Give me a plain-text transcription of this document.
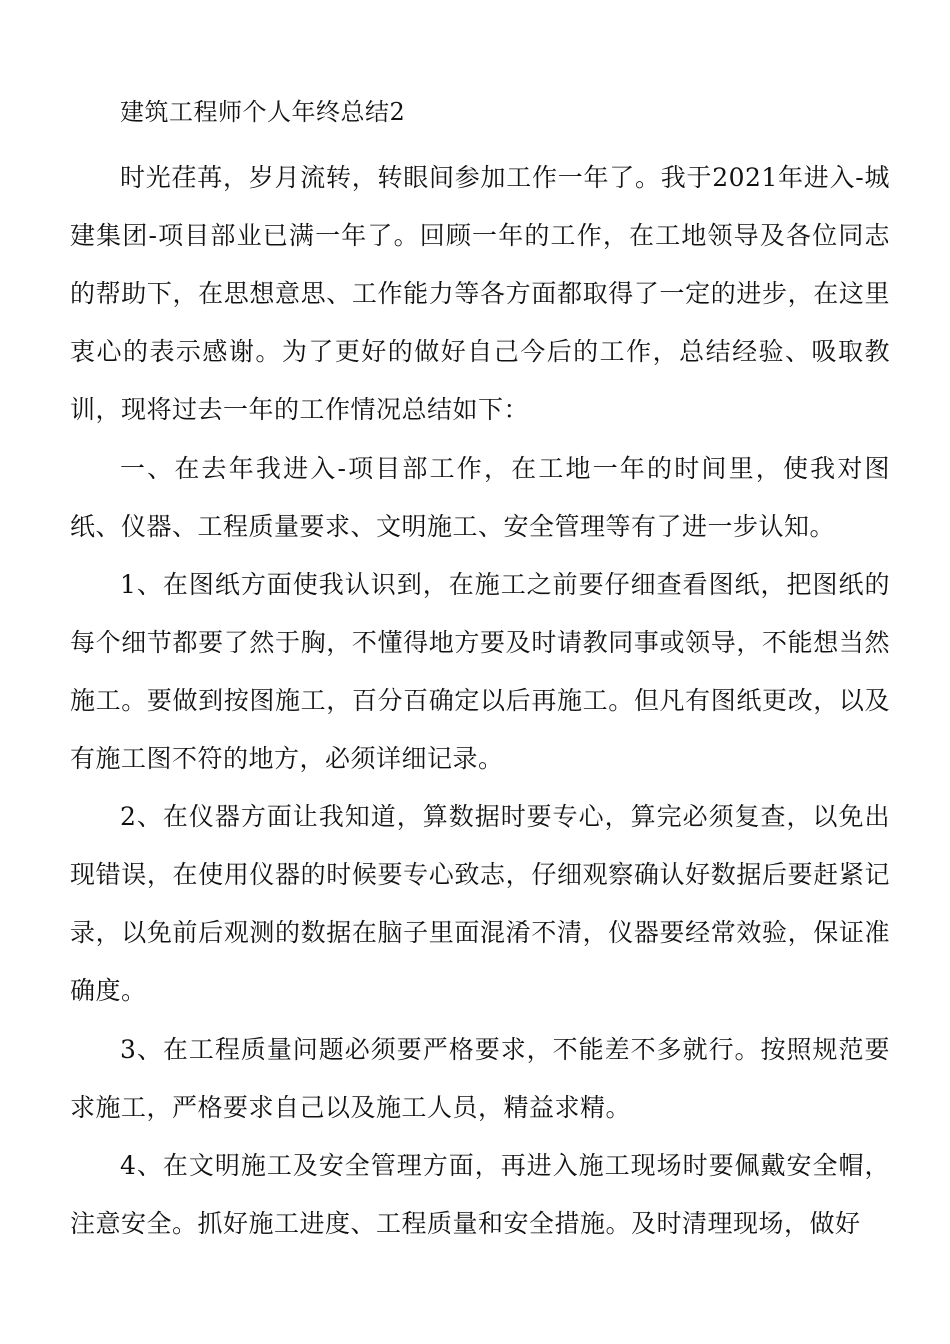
建筑工程师个人年终总结2

时光荏苒，岁月流转，转眼间参加工作一年了。我于2021年进入-城建集团-项目部业已满一年了。回顾一年的工作，在工地领导及各位同志的帮助下，在思想意思、工作能力等各方面都取得了一定的进步，在这里衷心的表示感谢。为了更好的做好自己今后的工作，总结经验、吸取教训，现将过去一年的工作情况总结如下：

一、在去年我进入-项目部工作，在工地一年的时间里，使我对图纸、仪器、工程质量要求、文明施工、安全管理等有了进一步认知。

1、在图纸方面使我认识到，在施工之前要仔细查看图纸，把图纸的每个细节都要了然于胸，不懂得地方要及时请教同事或领导，不能想当然施工。要做到按图施工，百分百确定以后再施工。但凡有图纸更改，以及有施工图不符的地方，必须详细记录。

2、在仪器方面让我知道，算数据时要专心，算完必须复查，以免出现错误，在使用仪器的时候要专心致志，仔细观察确认好数据后要赶紧记录，以免前后观测的数据在脑子里面混淆不清，仪器要经常效验，保证准确度。

3、在工程质量问题必须要严格要求，不能差不多就行。按照规范要求施工，严格要求自己以及施工人员，精益求精。

4、在文明施工及安全管理方面，再进入施工现场时要佩戴安全帽，注意安全。抓好施工进度、工程质量和安全措施。及时清理现场，做好
